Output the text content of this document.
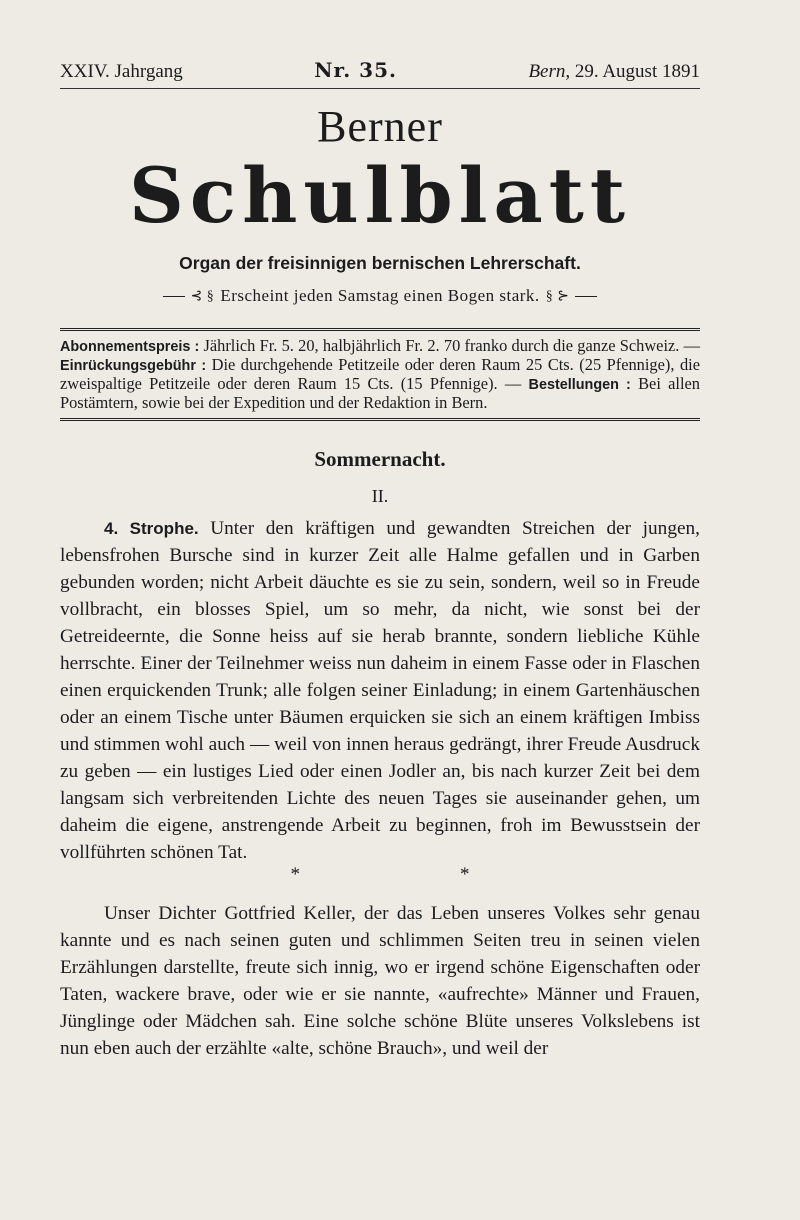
XXIV. Jahrgang	Nr. 35.	Bern, 29. August 1891
Berner
Schulblatt
Organ der freisinnigen bernischen Lehrerschaft.
⊰ § Erscheint jeden Samstag einen Bogen stark. § ⊱
Abonnementspreis : Jährlich Fr. 5. 20, halbjährlich Fr. 2. 70 franko durch die ganze Schweiz. — Einrückungsgebühr : Die durchgehende Petitzeile oder deren Raum 25 Cts. (25 Pfennige), die zweispaltige Petitzeile oder deren Raum 15 Cts. (15 Pfennige). — Bestellungen : Bei allen Postämtern, sowie bei der Expedition und der Redaktion in Bern.
Sommernacht.
II.

4. Strophe. Unter den kräftigen und gewandten Streichen der jungen, lebensfrohen Bursche sind in kurzer Zeit alle Halme gefallen und in Garben gebunden worden; nicht Arbeit däuchte es sie zu sein, sondern, weil so in Freude vollbracht, ein blosses Spiel, um so mehr, da nicht, wie sonst bei der Getreideernte, die Sonne heiss auf sie herab brannte, sondern liebliche Kühle herrschte. Einer der Teilnehmer weiss nun daheim in einem Fasse oder in Flaschen einen erquickenden Trunk; alle folgen seiner Einladung; in einem Gartenhäuschen oder an einem Tische unter Bäumen erquicken sie sich an einem kräftigen Imbiss und stimmen wohl auch — weil von innen heraus gedrängt, ihrer Freude Ausdruck zu geben — ein lustiges Lied oder einen Jodler an, bis nach kurzer Zeit bei dem langsam sich verbreitenden Lichte des neuen Tages sie auseinander gehen, um daheim die eigene, anstrengende Arbeit zu beginnen, froh im Bewusstsein der vollführten schönen Tat.

*	*

Unser Dichter Gottfried Keller, der das Leben unseres Volkes sehr genau kannte und es nach seinen guten und schlimmen Seiten treu in seinen vielen Erzählungen darstellte, freute sich innig, wo er irgend schöne Eigenschaften oder Taten, wackere brave, oder wie er sie nannte, «aufrechte» Männer und Frauen, Jünglinge oder Mädchen sah. Eine solche schöne Blüte unseres Volkslebens ist nun eben auch der erzählte «alte, schöne Brauch», und weil der
